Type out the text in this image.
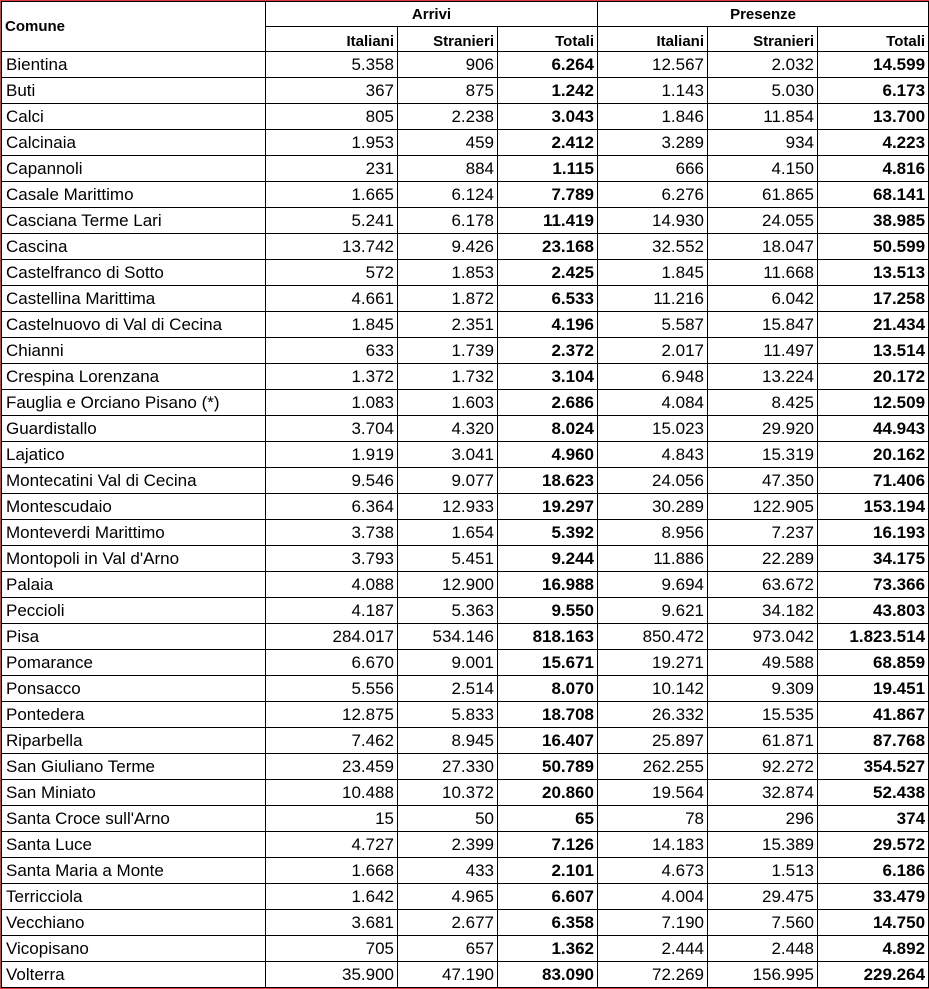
Comune	Arrivi			Presenze		
	Italiani	Stranieri	Totali	Italiani	Stranieri	Totali
Bientina	5.358	906	6.264	12.567	2.032	14.599
Buti	367	875	1.242	1.143	5.030	6.173
Calci	805	2.238	3.043	1.846	11.854	13.700
Calcinaia	1.953	459	2.412	3.289	934	4.223
Capannoli	231	884	1.115	666	4.150	4.816
Casale Marittimo	1.665	6.124	7.789	6.276	61.865	68.141
Casciana Terme Lari	5.241	6.178	11.419	14.930	24.055	38.985
Cascina	13.742	9.426	23.168	32.552	18.047	50.599
Castelfranco di Sotto	572	1.853	2.425	1.845	11.668	13.513
Castellina Marittima	4.661	1.872	6.533	11.216	6.042	17.258
Castelnuovo di Val di Cecina	1.845	2.351	4.196	5.587	15.847	21.434
Chianni	633	1.739	2.372	2.017	11.497	13.514
Crespina Lorenzana	1.372	1.732	3.104	6.948	13.224	20.172
Fauglia e Orciano Pisano (*)	1.083	1.603	2.686	4.084	8.425	12.509
Guardistallo	3.704	4.320	8.024	15.023	29.920	44.943
Lajatico	1.919	3.041	4.960	4.843	15.319	20.162
Montecatini Val di Cecina	9.546	9.077	18.623	24.056	47.350	71.406
Montescudaio	6.364	12.933	19.297	30.289	122.905	153.194
Monteverdi Marittimo	3.738	1.654	5.392	8.956	7.237	16.193
Montopoli in Val d'Arno	3.793	5.451	9.244	11.886	22.289	34.175
Palaia	4.088	12.900	16.988	9.694	63.672	73.366
Peccioli	4.187	5.363	9.550	9.621	34.182	43.803
Pisa	284.017	534.146	818.163	850.472	973.042	1.823.514
Pomarance	6.670	9.001	15.671	19.271	49.588	68.859
Ponsacco	5.556	2.514	8.070	10.142	9.309	19.451
Pontedera	12.875	5.833	18.708	26.332	15.535	41.867
Riparbella	7.462	8.945	16.407	25.897	61.871	87.768
San Giuliano Terme	23.459	27.330	50.789	262.255	92.272	354.527
San Miniato	10.488	10.372	20.860	19.564	32.874	52.438
Santa Croce sull'Arno	15	50	65	78	296	374
Santa Luce	4.727	2.399	7.126	14.183	15.389	29.572
Santa Maria a Monte	1.668	433	2.101	4.673	1.513	6.186
Terricciola	1.642	4.965	6.607	4.004	29.475	33.479
Vecchiano	3.681	2.677	6.358	7.190	7.560	14.750
Vicopisano	705	657	1.362	2.444	2.448	4.892
Volterra	35.900	47.190	83.090	72.269	156.995	229.264
